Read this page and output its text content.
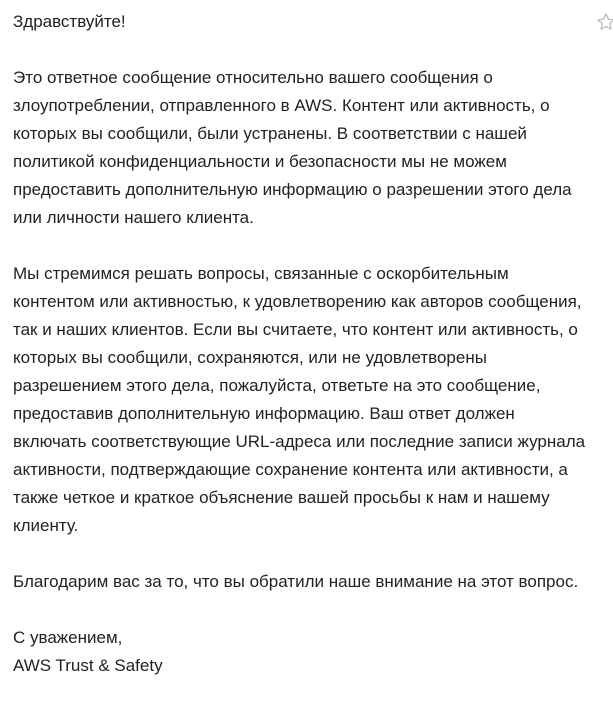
Здравствуйте!

Это ответное сообщение относительно вашего сообщения о злоупотреблении, отправленного в AWS. Контент или активность, о которых вы сообщили, были устранены. В соответствии с нашей политикой конфиденциальности и безопасности мы не можем предоставить дополнительную информацию о разрешении этого дела или личности нашего клиента.

Мы стремимся решать вопросы, связанные с оскорбительным контентом или активностью, к удовлетворению как авторов сообщения, так и наших клиентов. Если вы считаете, что контент или активность, о которых вы сообщили, сохраняются, или не удовлетворены разрешением этого дела, пожалуйста, ответьте на это сообщение, предоставив дополнительную информацию. Ваш ответ должен включать соответствующие URL-адреса или последние записи журнала активности, подтверждающие сохранение контента или активности, а также четкое и краткое объяснение вашей просьбы к нам и нашему клиенту.

Благодарим вас за то, что вы обратили наше внимание на этот вопрос.

С уважением,

AWS Trust & Safety
